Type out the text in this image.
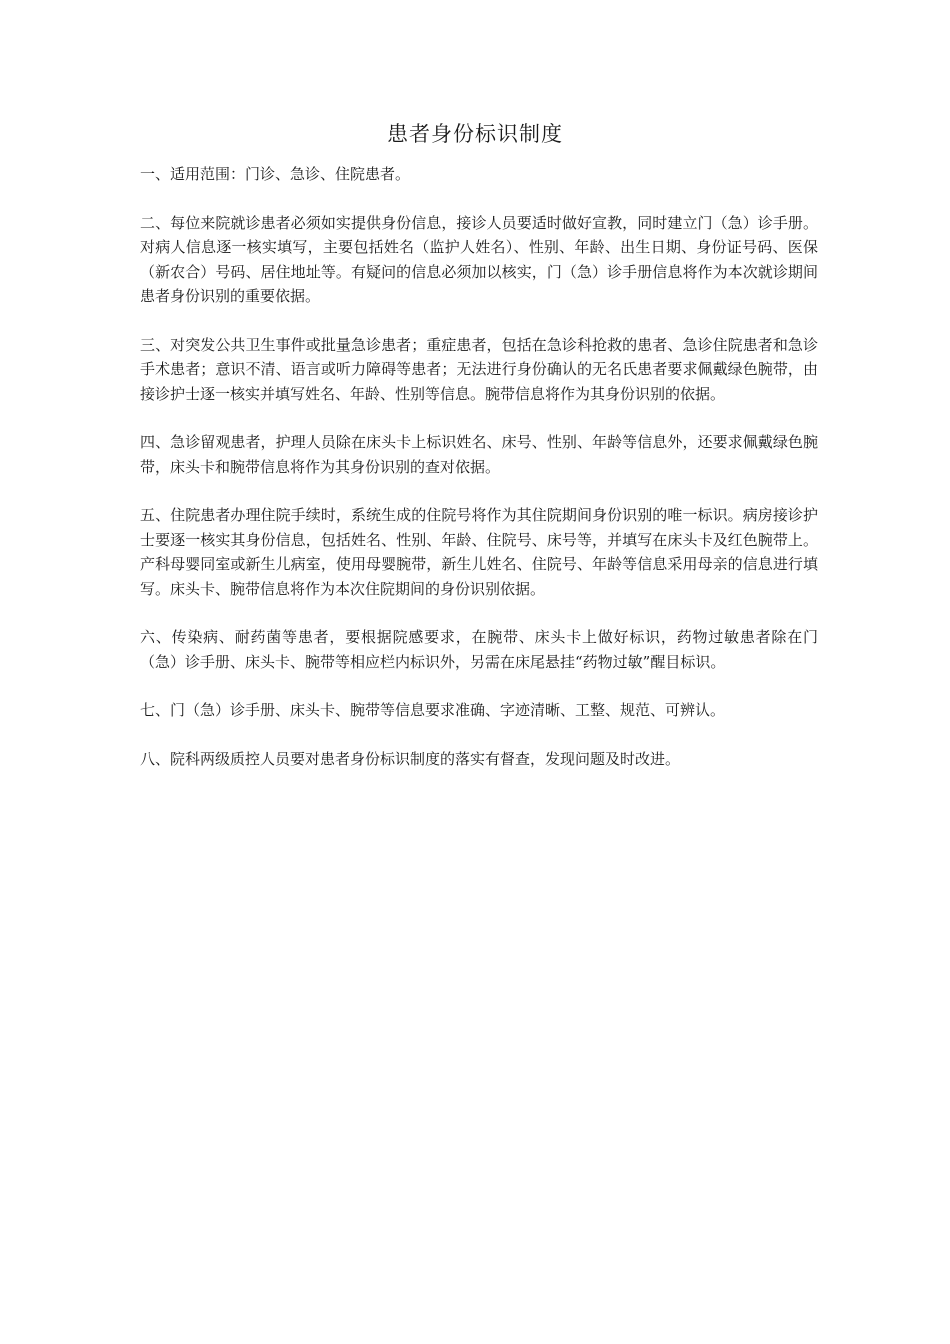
患者身份标识制度

一、适用范围：门诊、急诊、住院患者。

二、每位来院就诊患者必须如实提供身份信息，接诊人员要适时做好宣教，同时建立门（急）诊手册。对病人信息逐一核实填写，主要包括姓名（监护人姓名）、性别、年龄、出生日期、身份证号码、医保（新农合）号码、居住地址等。有疑问的信息必须加以核实，门（急）诊手册信息将作为本次就诊期间患者身份识别的重要依据。

三、对突发公共卫生事件或批量急诊患者；重症患者，包括在急诊科抢救的患者、急诊住院患者和急诊手术患者；意识不清、语言或听力障碍等患者；无法进行身份确认的无名氏患者要求佩戴绿色腕带，由接诊护士逐一核实并填写姓名、年龄、性别等信息。腕带信息将作为其身份识别的依据。

四、急诊留观患者，护理人员除在床头卡上标识姓名、床号、性别、年龄等信息外，还要求佩戴绿色腕带，床头卡和腕带信息将作为其身份识别的查对依据。

五、住院患者办理住院手续时，系统生成的住院号将作为其住院期间身份识别的唯一标识。病房接诊护士要逐一核实其身份信息，包括姓名、性别、年龄、住院号、床号等，并填写在床头卡及红色腕带上。产科母婴同室或新生儿病室，使用母婴腕带，新生儿姓名、住院号、年龄等信息采用母亲的信息进行填写。床头卡、腕带信息将作为本次住院期间的身份识别依据。

六、传染病、耐药菌等患者，要根据院感要求，在腕带、床头卡上做好标识，药物过敏患者除在门（急）诊手册、床头卡、腕带等相应栏内标识外，另需在床尾悬挂“药物过敏”醒目标识。

七、门（急）诊手册、床头卡、腕带等信息要求准确、字迹清晰、工整、规范、可辨认。

八、院科两级质控人员要对患者身份标识制度的落实有督查，发现问题及时改进。
